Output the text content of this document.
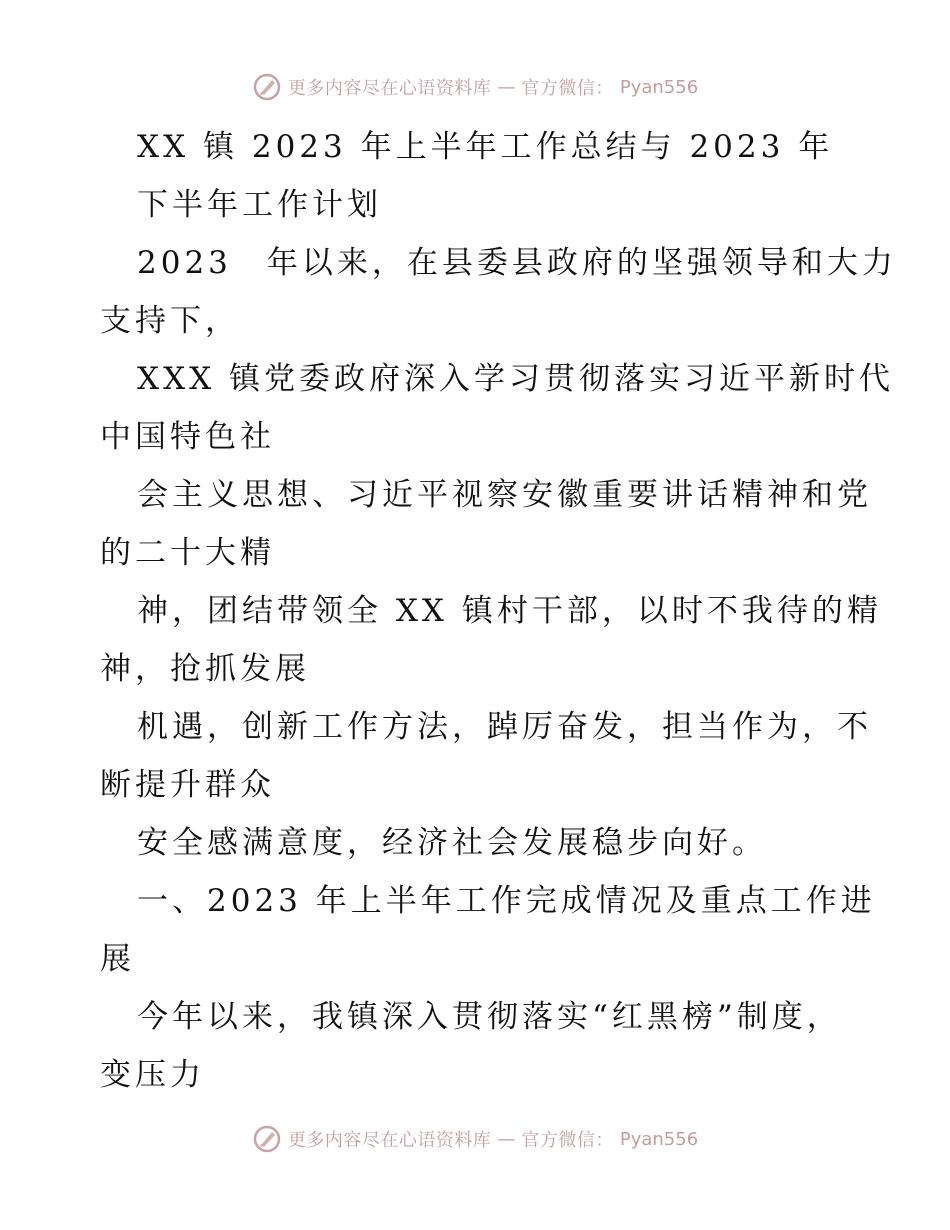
更多内容尽在心语资料库 — 官方微信： Pyan556
XX 镇 2023 年上半年工作总结与 2023 年
下半年工作计划
2023　年以来，在县委县政府的坚强领导和大力
支持下，
XXX 镇党委政府深入学习贯彻落实习近平新时代
中国特色社
会主义思想、习近平视察安徽重要讲话精神和党
的二十大精
神，团结带领全 XX 镇村干部，以时不我待的精
神，抢抓发展
机遇，创新工作方法，踔厉奋发，担当作为，不
断提升群众
安全感满意度，经济社会发展稳步向好。
一、2023 年上半年工作完成情况及重点工作进
展
今年以来，我镇深入贯彻落实“红黑榜”制度，
变压力
更多内容尽在心语资料库 — 官方微信： Pyan556
